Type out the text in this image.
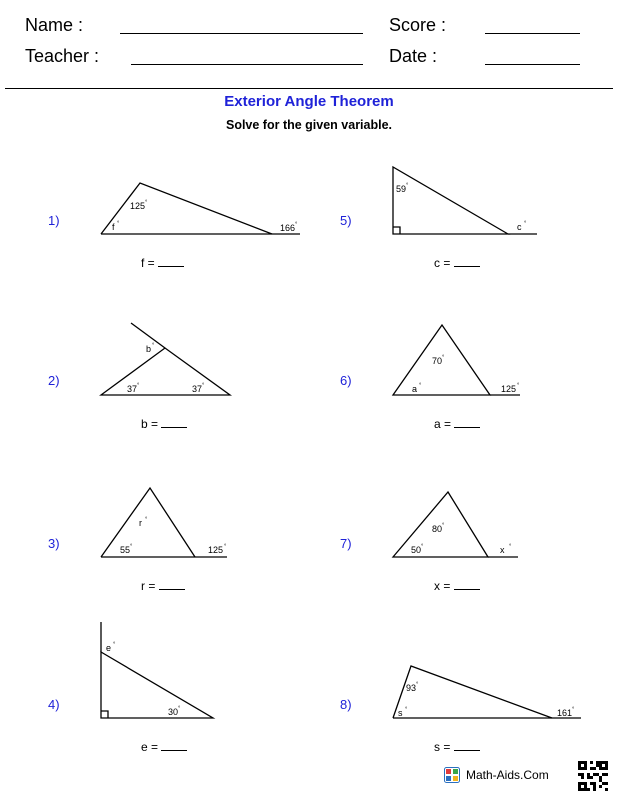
Name :
Teacher :
Score :
Date :
Exterior Angle Theorem
Solve for the given variable.
1)
2)
3)
4)
5)
6)
7)
8)
f =
b =
r =
e =
c =
a =
x =
s =
125 °
f °	166 °
b °
37 °	37 °
r °
55 °	125 °
e °
30 °
59 °
c °
70 °
a °	125 °
80 °
50 °	x °
93 °
s °	161 °
Math-Aids.Com
